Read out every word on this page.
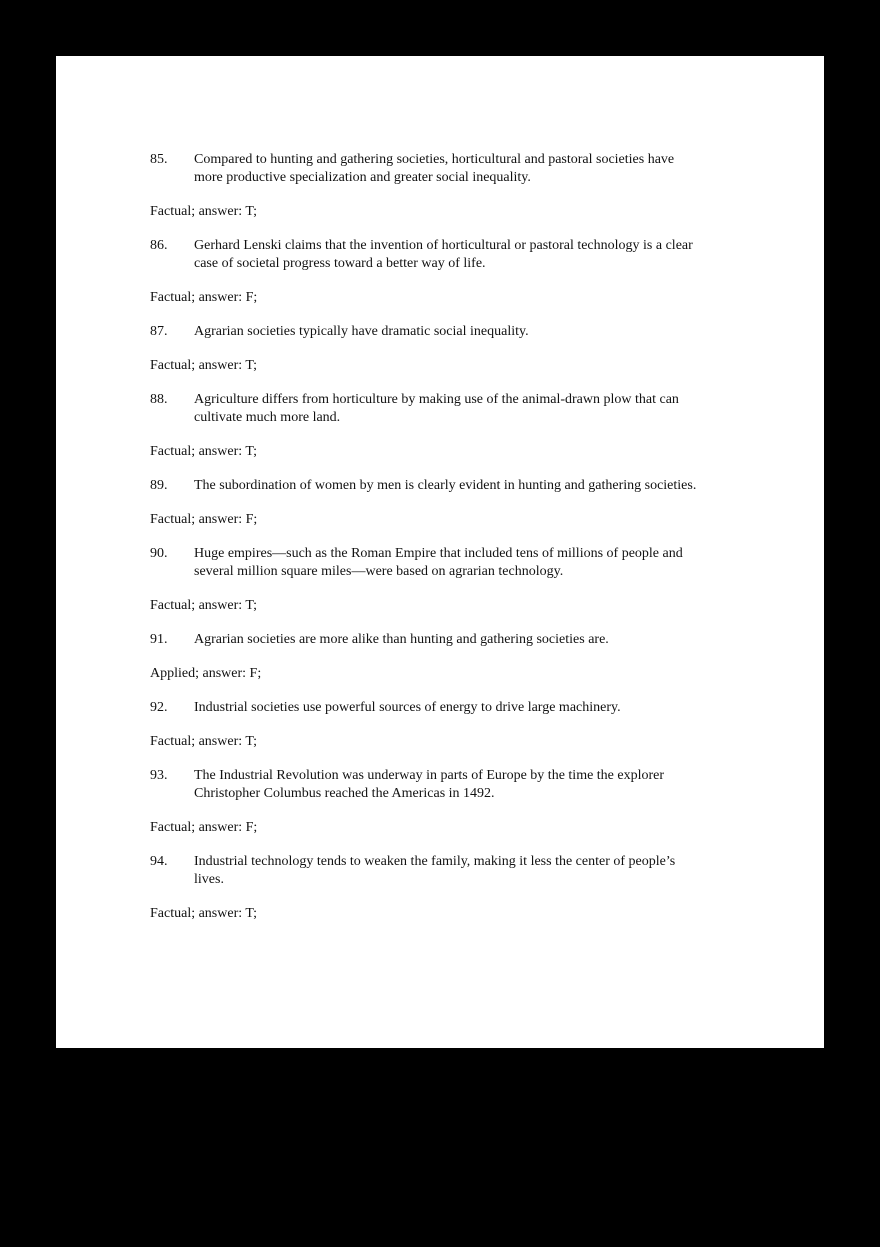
85.	Compared to hunting and gathering societies, horticultural and pastoral societies have
more productive specialization and greater social inequality.
Factual; answer: T;
86.	Gerhard Lenski claims that the invention of horticultural or pastoral technology is a clear
case of societal progress toward a better way of life.
Factual; answer: F;
87.	Agrarian societies typically have dramatic social inequality.
Factual; answer: T;
88.	Agriculture differs from horticulture by making use of the animal-drawn plow that can
cultivate much more land.
Factual; answer: T;
89.	The subordination of women by men is clearly evident in hunting and gathering societies.
Factual; answer: F;
90.	Huge empires—such as the Roman Empire that included tens of millions of people and
several million square miles—were based on agrarian technology.
Factual; answer: T;
91.	Agrarian societies are more alike than hunting and gathering societies are.
Applied; answer: F;
92.	Industrial societies use powerful sources of energy to drive large machinery.
Factual; answer: T;
93.	The Industrial Revolution was underway in parts of Europe by the time the explorer
Christopher Columbus reached the Americas in 1492.
Factual; answer: F;
94.	Industrial technology tends to weaken the family, making it less the center of people’s
lives.
Factual; answer: T;
